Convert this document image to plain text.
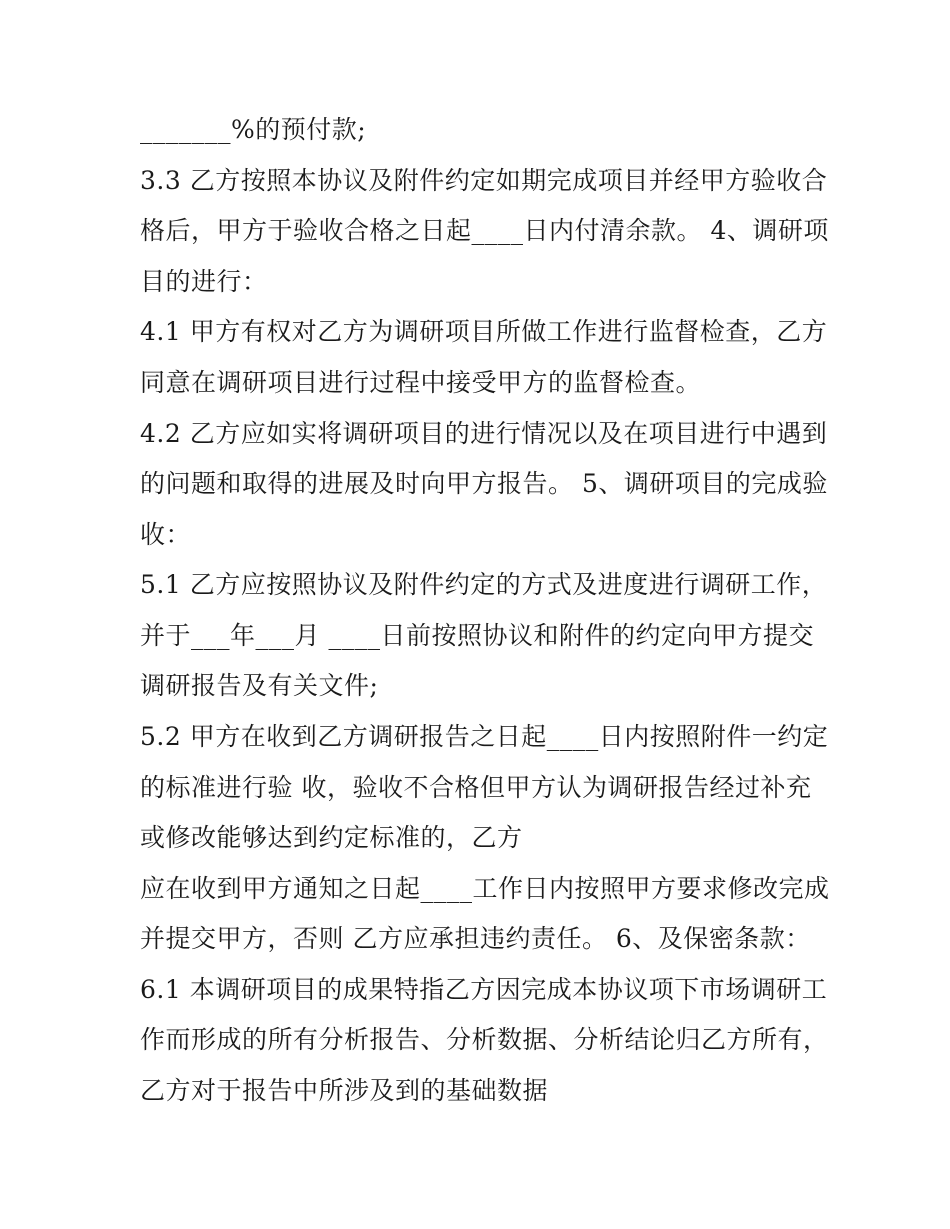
_______%的预付款;
3.3 乙方按照本协议及附件约定如期完成项目并经甲方验收合
格后，甲方于验收合格之日起____日内付清余款。 4、调研项
目的进行：
4.1 甲方有权对乙方为调研项目所做工作进行监督检查，乙方
同意在调研项目进行过程中接受甲方的监督检查。
4.2 乙方应如实将调研项目的进行情况以及在项目进行中遇到
的问题和取得的进展及时向甲方报告。 5、调研项目的完成验
收：
5.1 乙方应按照协议及附件约定的方式及进度进行调研工作，
并于___年___月 ____日前按照协议和附件的约定向甲方提交
调研报告及有关文件;
5.2 甲方在收到乙方调研报告之日起____日内按照附件一约定
的标准进行验 收，验收不合格但甲方认为调研报告经过补充
或修改能够达到约定标准的，乙方
应在收到甲方通知之日起____工作日内按照甲方要求修改完成
并提交甲方，否则 乙方应承担违约责任。 6、及保密条款：
6.1 本调研项目的成果特指乙方因完成本协议项下市场调研工
作而形成的所有分析报告、分析数据、分析结论归乙方所有，
乙方对于报告中所涉及到的基础数据
